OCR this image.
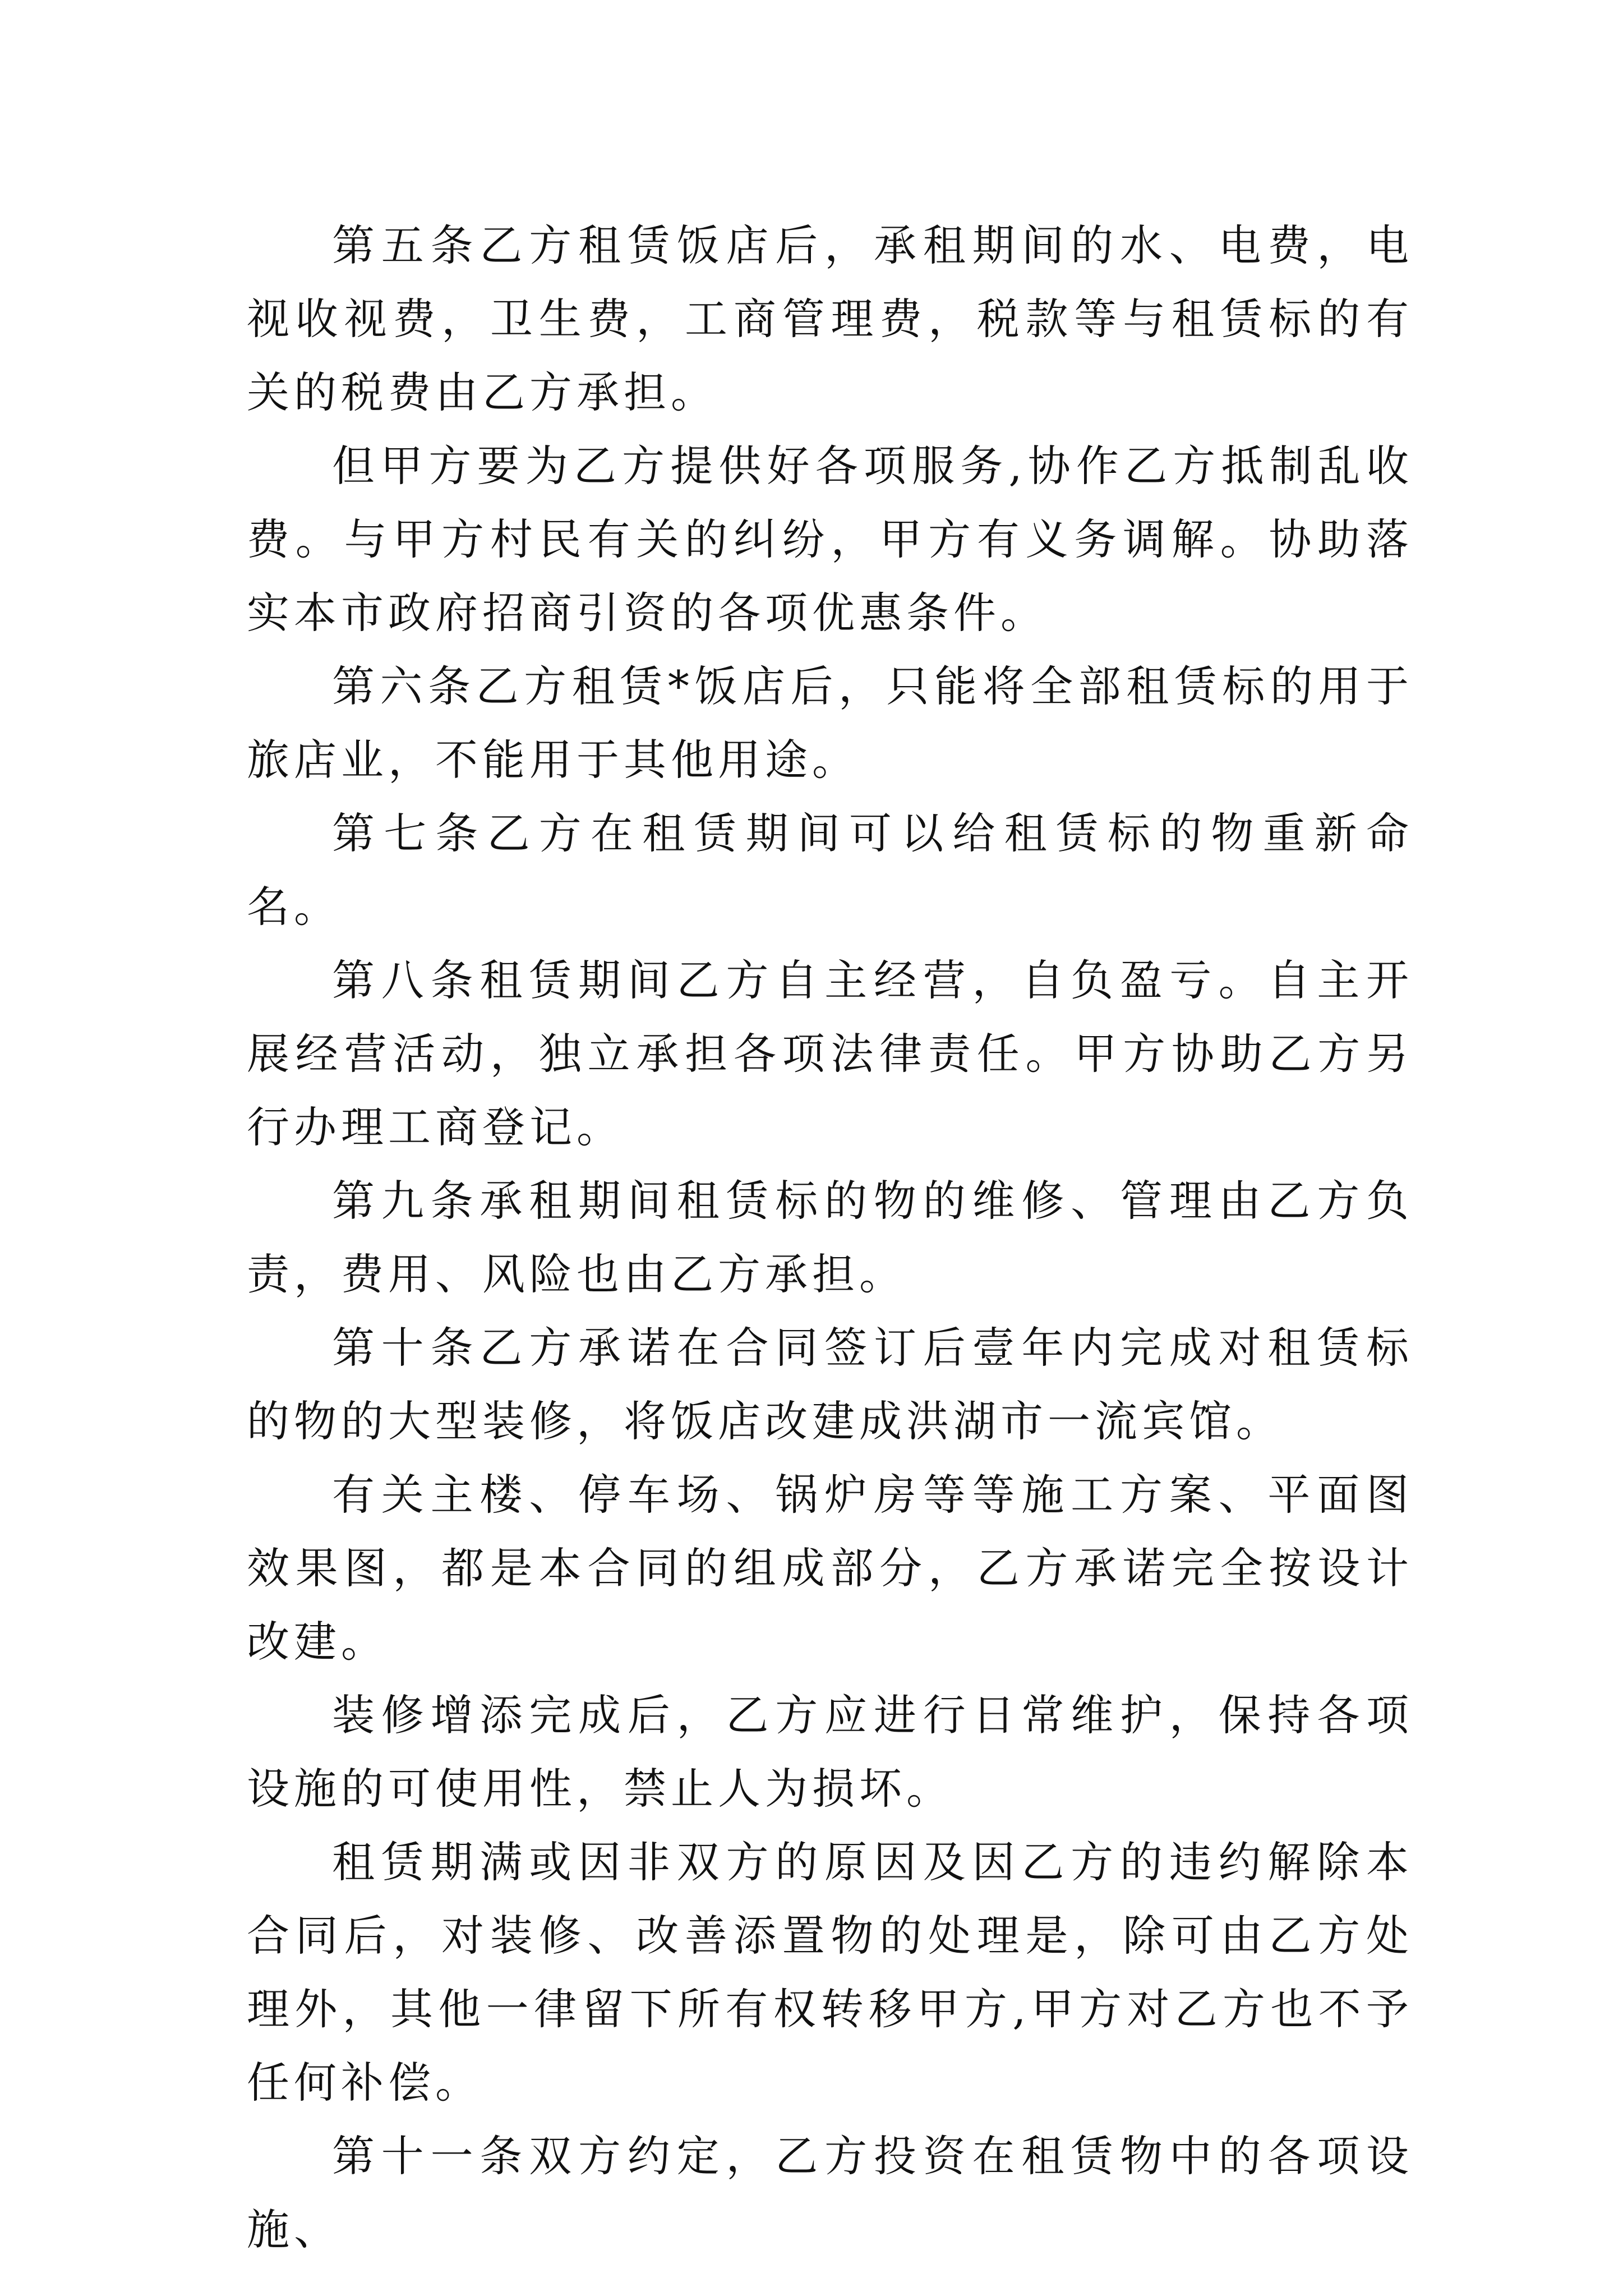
第五条乙方租赁饭店后，承租期间的水、电费，电视收视费，卫生费，工商管理费，税款等与租赁标的有关的税费由乙方承担。

但甲方要为乙方提供好各项服务,协作乙方抵制乱收费。与甲方村民有关的纠纷，甲方有义务调解。协助落实本市政府招商引资的各项优惠条件。

第六条乙方租赁*饭店后，只能将全部租赁标的用于旅店业，不能用于其他用途。

第七条乙方在租赁期间可以给租赁标的物重新命名。

第八条租赁期间乙方自主经营，自负盈亏。自主开展经营活动，独立承担各项法律责任。甲方协助乙方另行办理工商登记。

第九条承租期间租赁标的物的维修、管理由乙方负责，费用、风险也由乙方承担。

第十条乙方承诺在合同签订后壹年内完成对租赁标的物的大型装修，将饭店改建成洪湖市一流宾馆。

有关主楼、停车场、锅炉房等等施工方案、平面图效果图，都是本合同的组成部分，乙方承诺完全按设计改建。

装修增添完成后，乙方应进行日常维护，保持各项设施的可使用性，禁止人为损坏。

租赁期满或因非双方的原因及因乙方的违约解除本合同后，对装修、改善添置物的处理是，除可由乙方处理外，其他一律留下所有权转移甲方,甲方对乙方也不予任何补偿。

第十一条双方约定，乙方投资在租赁物中的各项设施、
